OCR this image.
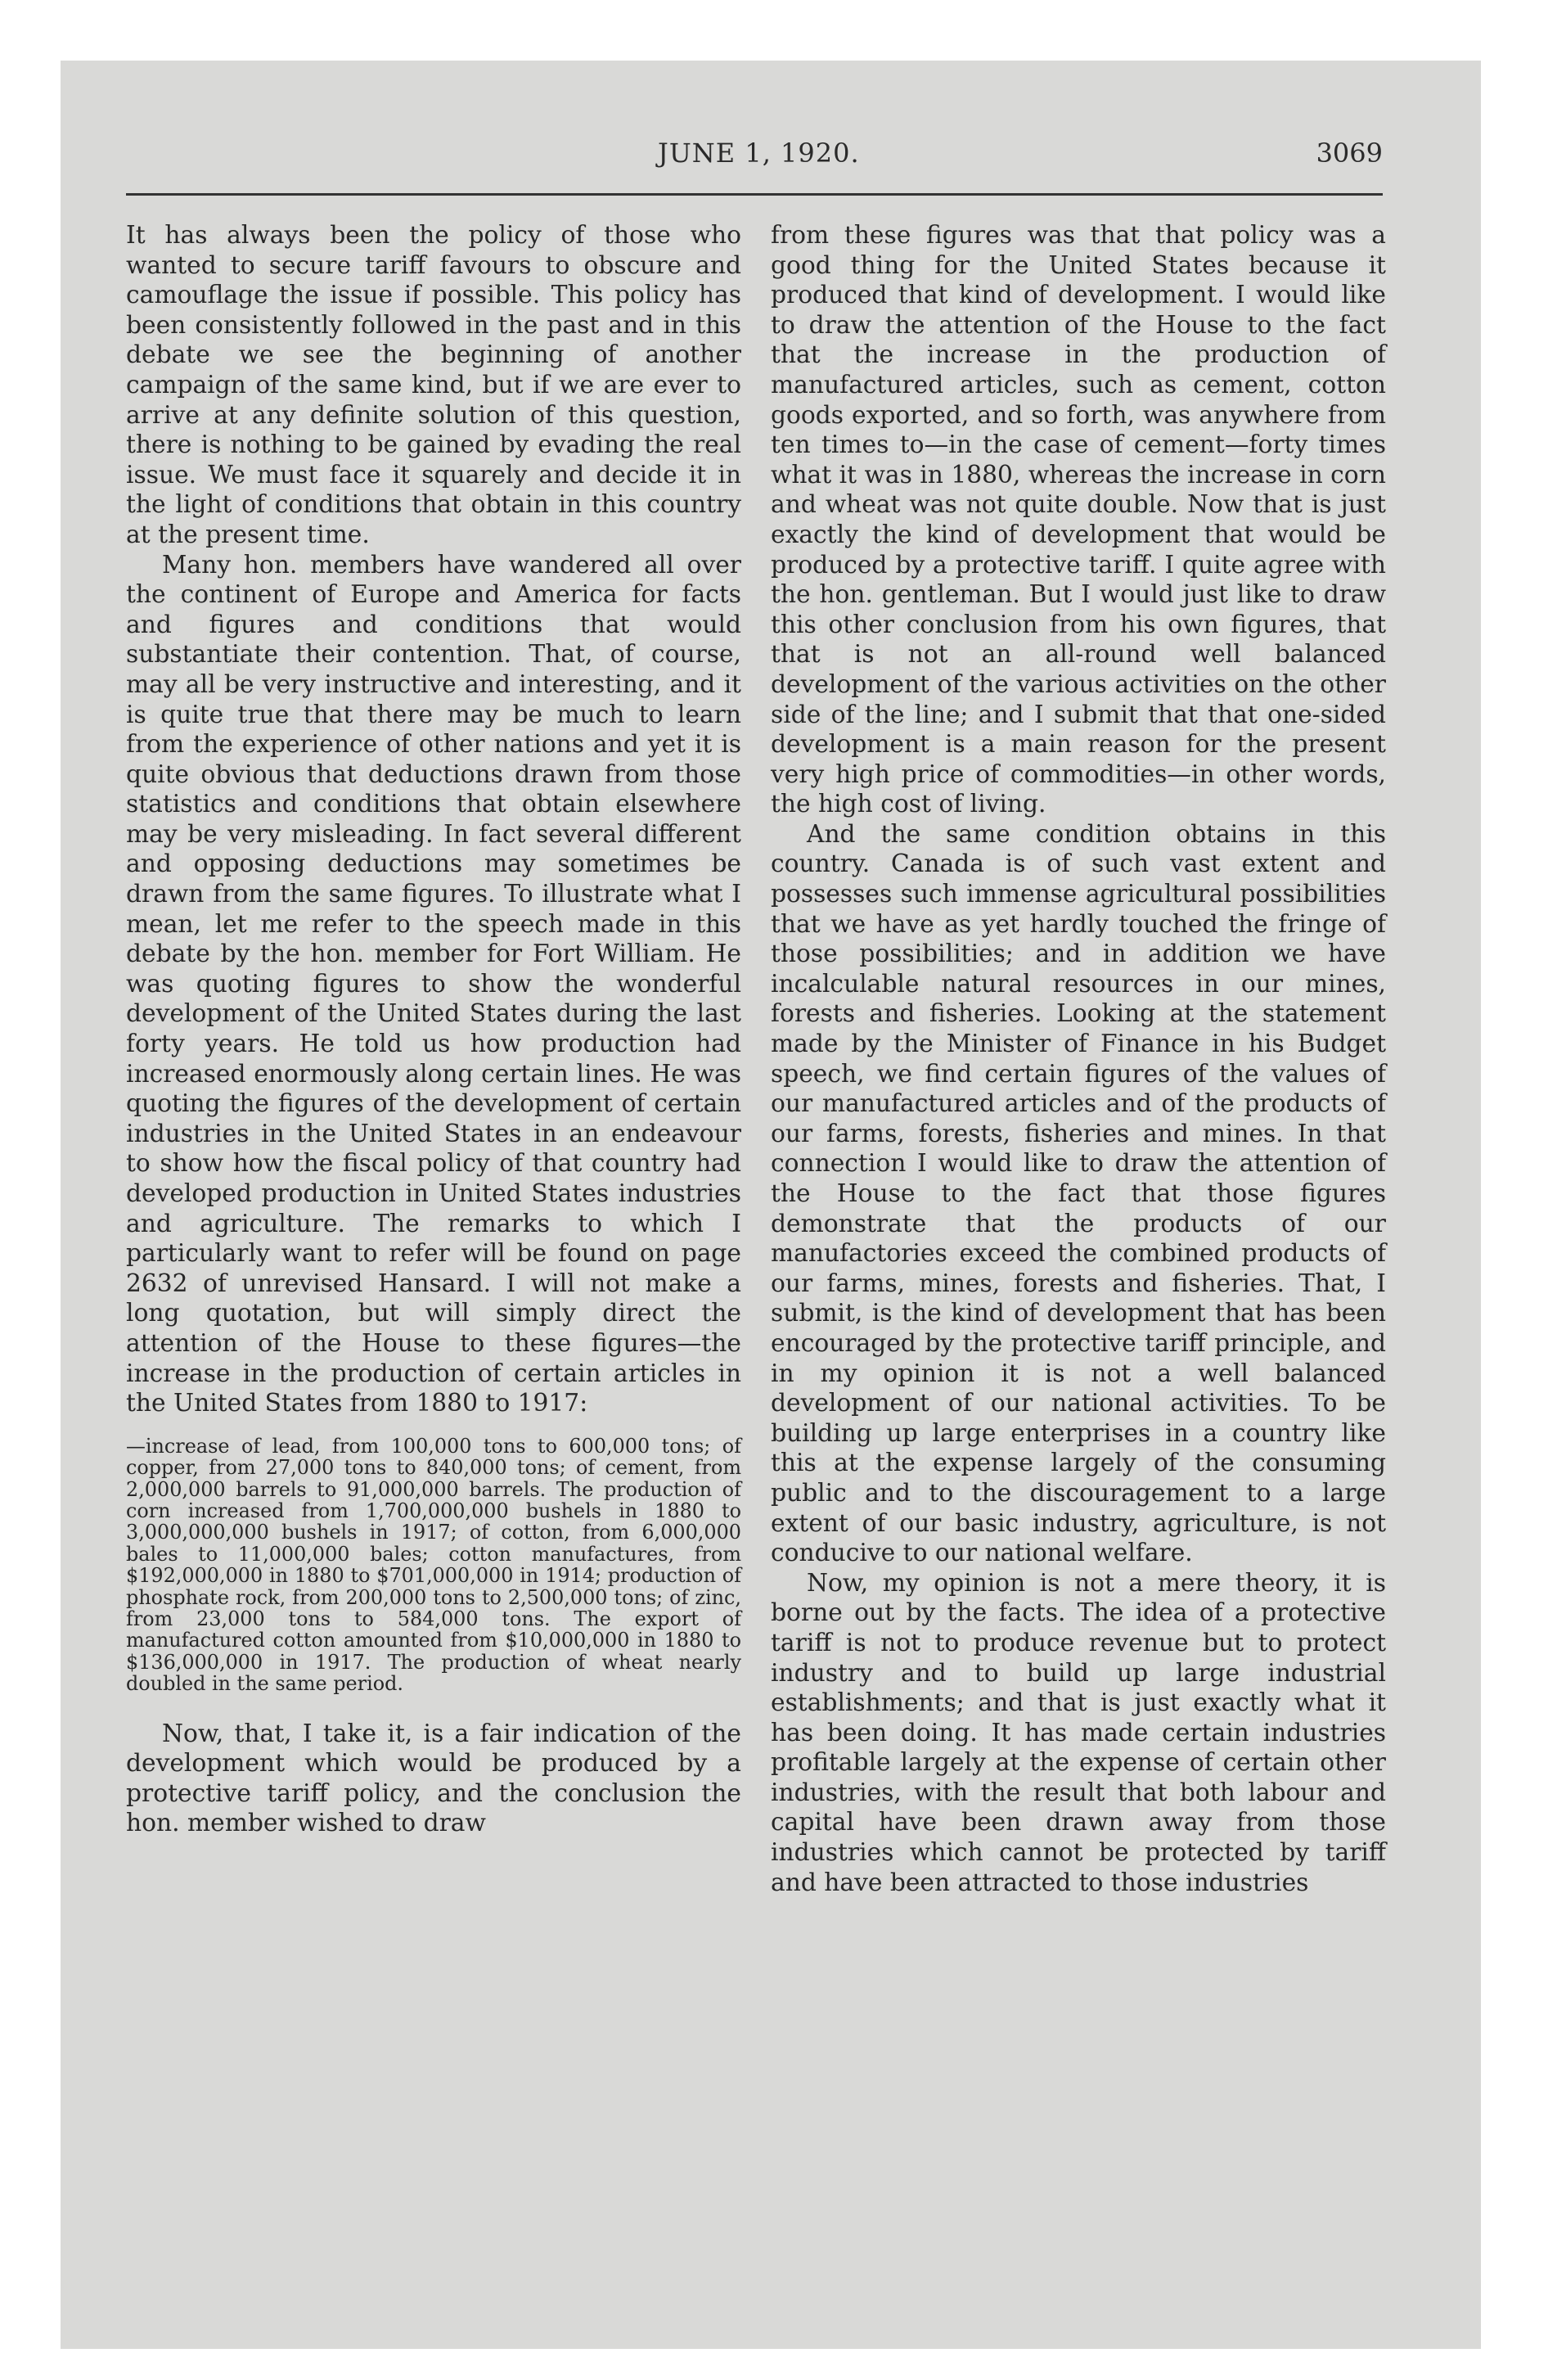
JUNE 1, 1920.	3069

It has always been the policy of those who wanted to secure tariff favours to obscure and camouflage the issue if possible. This policy has been consistently followed in the past and in this debate we see the beginning of another campaign of the same kind, but if we are ever to arrive at any definite solution of this question, there is nothing to be gained by evading the real issue. We must face it squarely and decide it in the light of conditions that obtain in this country at the present time.

Many hon. members have wandered all over the continent of Europe and America for facts and figures and conditions that would substantiate their contention. That, of course, may all be very instructive and interesting, and it is quite true that there may be much to learn from the experience of other nations and yet it is quite obvious that deductions drawn from those statistics and conditions that obtain elsewhere may be very misleading. In fact several different and opposing deductions may sometimes be drawn from the same figures. To illustrate what I mean, let me refer to the speech made in this debate by the hon. member for Fort William. He was quoting figures to show the wonderful development of the United States during the last forty years. He told us how production had increased enormously along certain lines. He was quoting the figures of the development of certain industries in the United States in an endeavour to show how the fiscal policy of that country had developed production in United States industries and agriculture. The remarks to which I particularly want to refer will be found on page 2632 of unrevised Hansard. I will not make a long quotation, but will simply direct the attention of the House to these figures—the increase in the production of certain articles in the United States from 1880 to 1917:

—increase of lead, from 100,000 tons to 600,000 tons; of copper, from 27,000 tons to 840,000 tons; of cement, from 2,000,000 barrels to 91,000,000 barrels. The production of corn increased from 1,700,000,000 bushels in 1880 to 3,000,000,000 bushels in 1917; of cotton, from 6,000,000 bales to 11,000,000 bales; cotton manufactures, from $192,000,000 in 1880 to $701,000,000 in 1914; production of phosphate rock, from 200,000 tons to 2,500,000 tons; of zinc, from 23,000 tons to 584,000 tons. The export of manufactured cotton amounted from $10,000,000 in 1880 to $136,000,000 in 1917. The production of wheat nearly doubled in the same period.

Now, that, I take it, is a fair indication of the development which would be produced by a protective tariff policy, and the conclusion the hon. member wished to draw

from these figures was that that policy was a good thing for the United States because it produced that kind of development. I would like to draw the attention of the House to the fact that the increase in the production of manufactured articles, such as cement, cotton goods exported, and so forth, was anywhere from ten times to—in the case of cement—forty times what it was in 1880, whereas the increase in corn and wheat was not quite double. Now that is just exactly the kind of development that would be produced by a protective tariff. I quite agree with the hon. gentleman. But I would just like to draw this other conclusion from his own figures, that that is not an all-round well balanced development of the various activities on the other side of the line; and I submit that that one-sided development is a main reason for the present very high price of commodities—in other words, the high cost of living.

And the same condition obtains in this country. Canada is of such vast extent and possesses such immense agricultural possibilities that we have as yet hardly touched the fringe of those possibilities; and in addition we have incalculable natural resources in our mines, forests and fisheries. Looking at the statement made by the Minister of Finance in his Budget speech, we find certain figures of the values of our manufactured articles and of the products of our farms, forests, fisheries and mines. In that connection I would like to draw the attention of the House to the fact that those figures demonstrate that the products of our manufactories exceed the combined products of our farms, mines, forests and fisheries. That, I submit, is the kind of development that has been encouraged by the protective tariff principle, and in my opinion it is not a well balanced development of our national activities. To be building up large enterprises in a country like this at the expense largely of the consuming public and to the discouragement to a large extent of our basic industry, agriculture, is not conducive to our national welfare.

Now, my opinion is not a mere theory, it is borne out by the facts. The idea of a protective tariff is not to produce revenue but to protect industry and to build up large industrial establishments; and that is just exactly what it has been doing. It has made certain industries profitable largely at the expense of certain other industries, with the result that both labour and capital have been drawn away from those industries which cannot be protected by tariff and have been attracted to those industries
